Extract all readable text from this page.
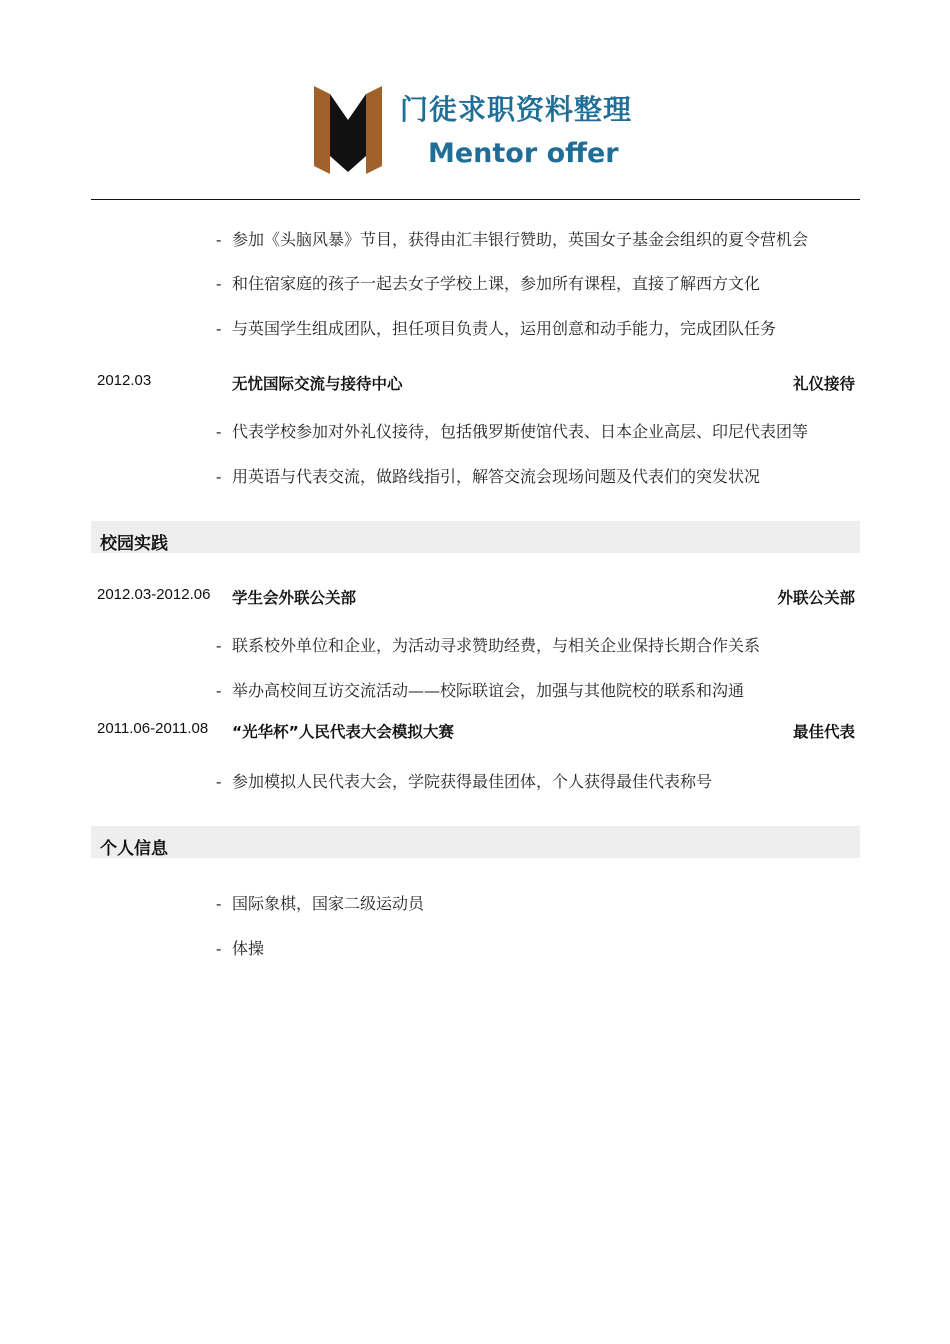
门徒求职资料整理
Mentor offer
- 参加《头脑风暴》节目，获得由汇丰银行赞助，英国女子基金会组织的夏令营机会
- 和住宿家庭的孩子一起去女子学校上课，参加所有课程，直接了解西方文化
- 与英国学生组成团队，担任项目负责人，运用创意和动手能力，完成团队任务
2012.03	无忧国际交流与接待中心	礼仪接待
- 代表学校参加对外礼仪接待，包括俄罗斯使馆代表、日本企业高层、印尼代表团等
- 用英语与代表交流，做路线指引，解答交流会现场问题及代表们的突发状况
校园实践
2012.03-2012.06 学生会外联公关部	外联公关部
- 联系校外单位和企业，为活动寻求赞助经费，与相关企业保持长期合作关系
- 举办高校间互访交流活动——校际联谊会，加强与其他院校的联系和沟通
2011.06-2011.08 “光华杯”人民代表大会模拟大赛	最佳代表
- 参加模拟人民代表大会，学院获得最佳团体，个人获得最佳代表称号
个人信息
- 国际象棋，国家二级运动员
- 体操
